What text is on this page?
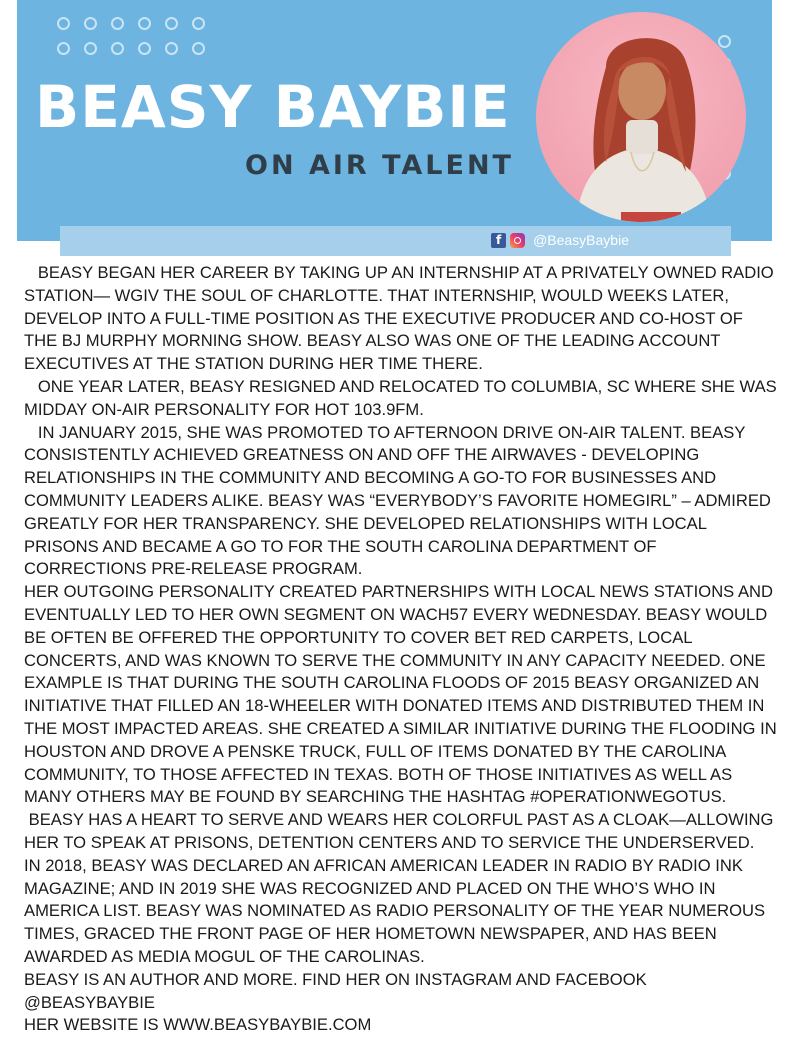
BEASY BAYBIE
ON AIR TALENT
f	@BeasyBaybie

BEASY BEGAN HER CAREER BY TAKING UP AN INTERNSHIP AT A PRIVATELY OWNED RADIO STATION— WGIV THE SOUL OF CHARLOTTE. THAT INTERNSHIP, WOULD WEEKS LATER, DEVELOP INTO A FULL-TIME POSITION AS THE EXECUTIVE PRODUCER AND CO-HOST OF THE BJ MURPHY MORNING SHOW. BEASY ALSO WAS ONE OF THE LEADING ACCOUNT EXECUTIVES AT THE STATION DURING HER TIME THERE.

ONE YEAR LATER, BEASY RESIGNED AND RELOCATED TO COLUMBIA, SC WHERE SHE WAS MIDDAY ON-AIR PERSONALITY FOR HOT 103.9FM.

IN JANUARY 2015, SHE WAS PROMOTED TO AFTERNOON DRIVE ON-AIR TALENT. BEASY CONSISTENTLY ACHIEVED GREATNESS ON AND OFF THE AIRWAVES - DEVELOPING RELATIONSHIPS IN THE COMMUNITY AND BECOMING A GO-TO FOR BUSINESSES AND COMMUNITY LEADERS ALIKE. BEASY WAS “EVERYBODY’S FAVORITE HOMEGIRL” – ADMIRED GREATLY FOR HER TRANSPARENCY. SHE DEVELOPED RELATIONSHIPS WITH LOCAL PRISONS AND BECAME A GO TO FOR THE SOUTH CAROLINA DEPARTMENT OF CORRECTIONS PRE-RELEASE PROGRAM.

HER OUTGOING PERSONALITY CREATED PARTNERSHIPS WITH LOCAL NEWS STATIONS AND EVENTUALLY LED TO HER OWN SEGMENT ON WACH57 EVERY WEDNESDAY. BEASY WOULD BE OFTEN BE OFFERED THE OPPORTUNITY TO COVER BET RED CARPETS, LOCAL CONCERTS, AND WAS KNOWN TO SERVE THE COMMUNITY IN ANY CAPACITY NEEDED. ONE EXAMPLE IS THAT DURING THE SOUTH CAROLINA FLOODS OF 2015 BEASY ORGANIZED AN INITIATIVE THAT FILLED AN 18-WHEELER WITH DONATED ITEMS AND DISTRIBUTED THEM IN THE MOST IMPACTED AREAS. SHE CREATED A SIMILAR INITIATIVE DURING THE FLOODING IN HOUSTON AND DROVE A PENSKE TRUCK, FULL OF ITEMS DONATED BY THE CAROLINA COMMUNITY, TO THOSE AFFECTED IN TEXAS. BOTH OF THOSE INITIATIVES AS WELL AS MANY OTHERS MAY BE FOUND BY SEARCHING THE HASHTAG #OPERATIONWEGOTUS.

BEASY HAS A HEART TO SERVE AND WEARS HER COLORFUL PAST AS A CLOAK—ALLOWING HER TO SPEAK AT PRISONS, DETENTION CENTERS AND TO SERVICE THE UNDERSERVED.

IN 2018, BEASY WAS DECLARED AN AFRICAN AMERICAN LEADER IN RADIO BY RADIO INK MAGAZINE; AND IN 2019 SHE WAS RECOGNIZED AND PLACED ON THE WHO’S WHO IN AMERICA LIST. BEASY WAS NOMINATED AS RADIO PERSONALITY OF THE YEAR NUMEROUS TIMES, GRACED THE FRONT PAGE OF HER HOMETOWN NEWSPAPER, AND HAS BEEN AWARDED AS MEDIA MOGUL OF THE CAROLINAS.

BEASY IS AN AUTHOR AND MORE. FIND HER ON INSTAGRAM AND FACEBOOK @BEASYBAYBIE

HER WEBSITE IS WWW.BEASYBAYBIE.COM
